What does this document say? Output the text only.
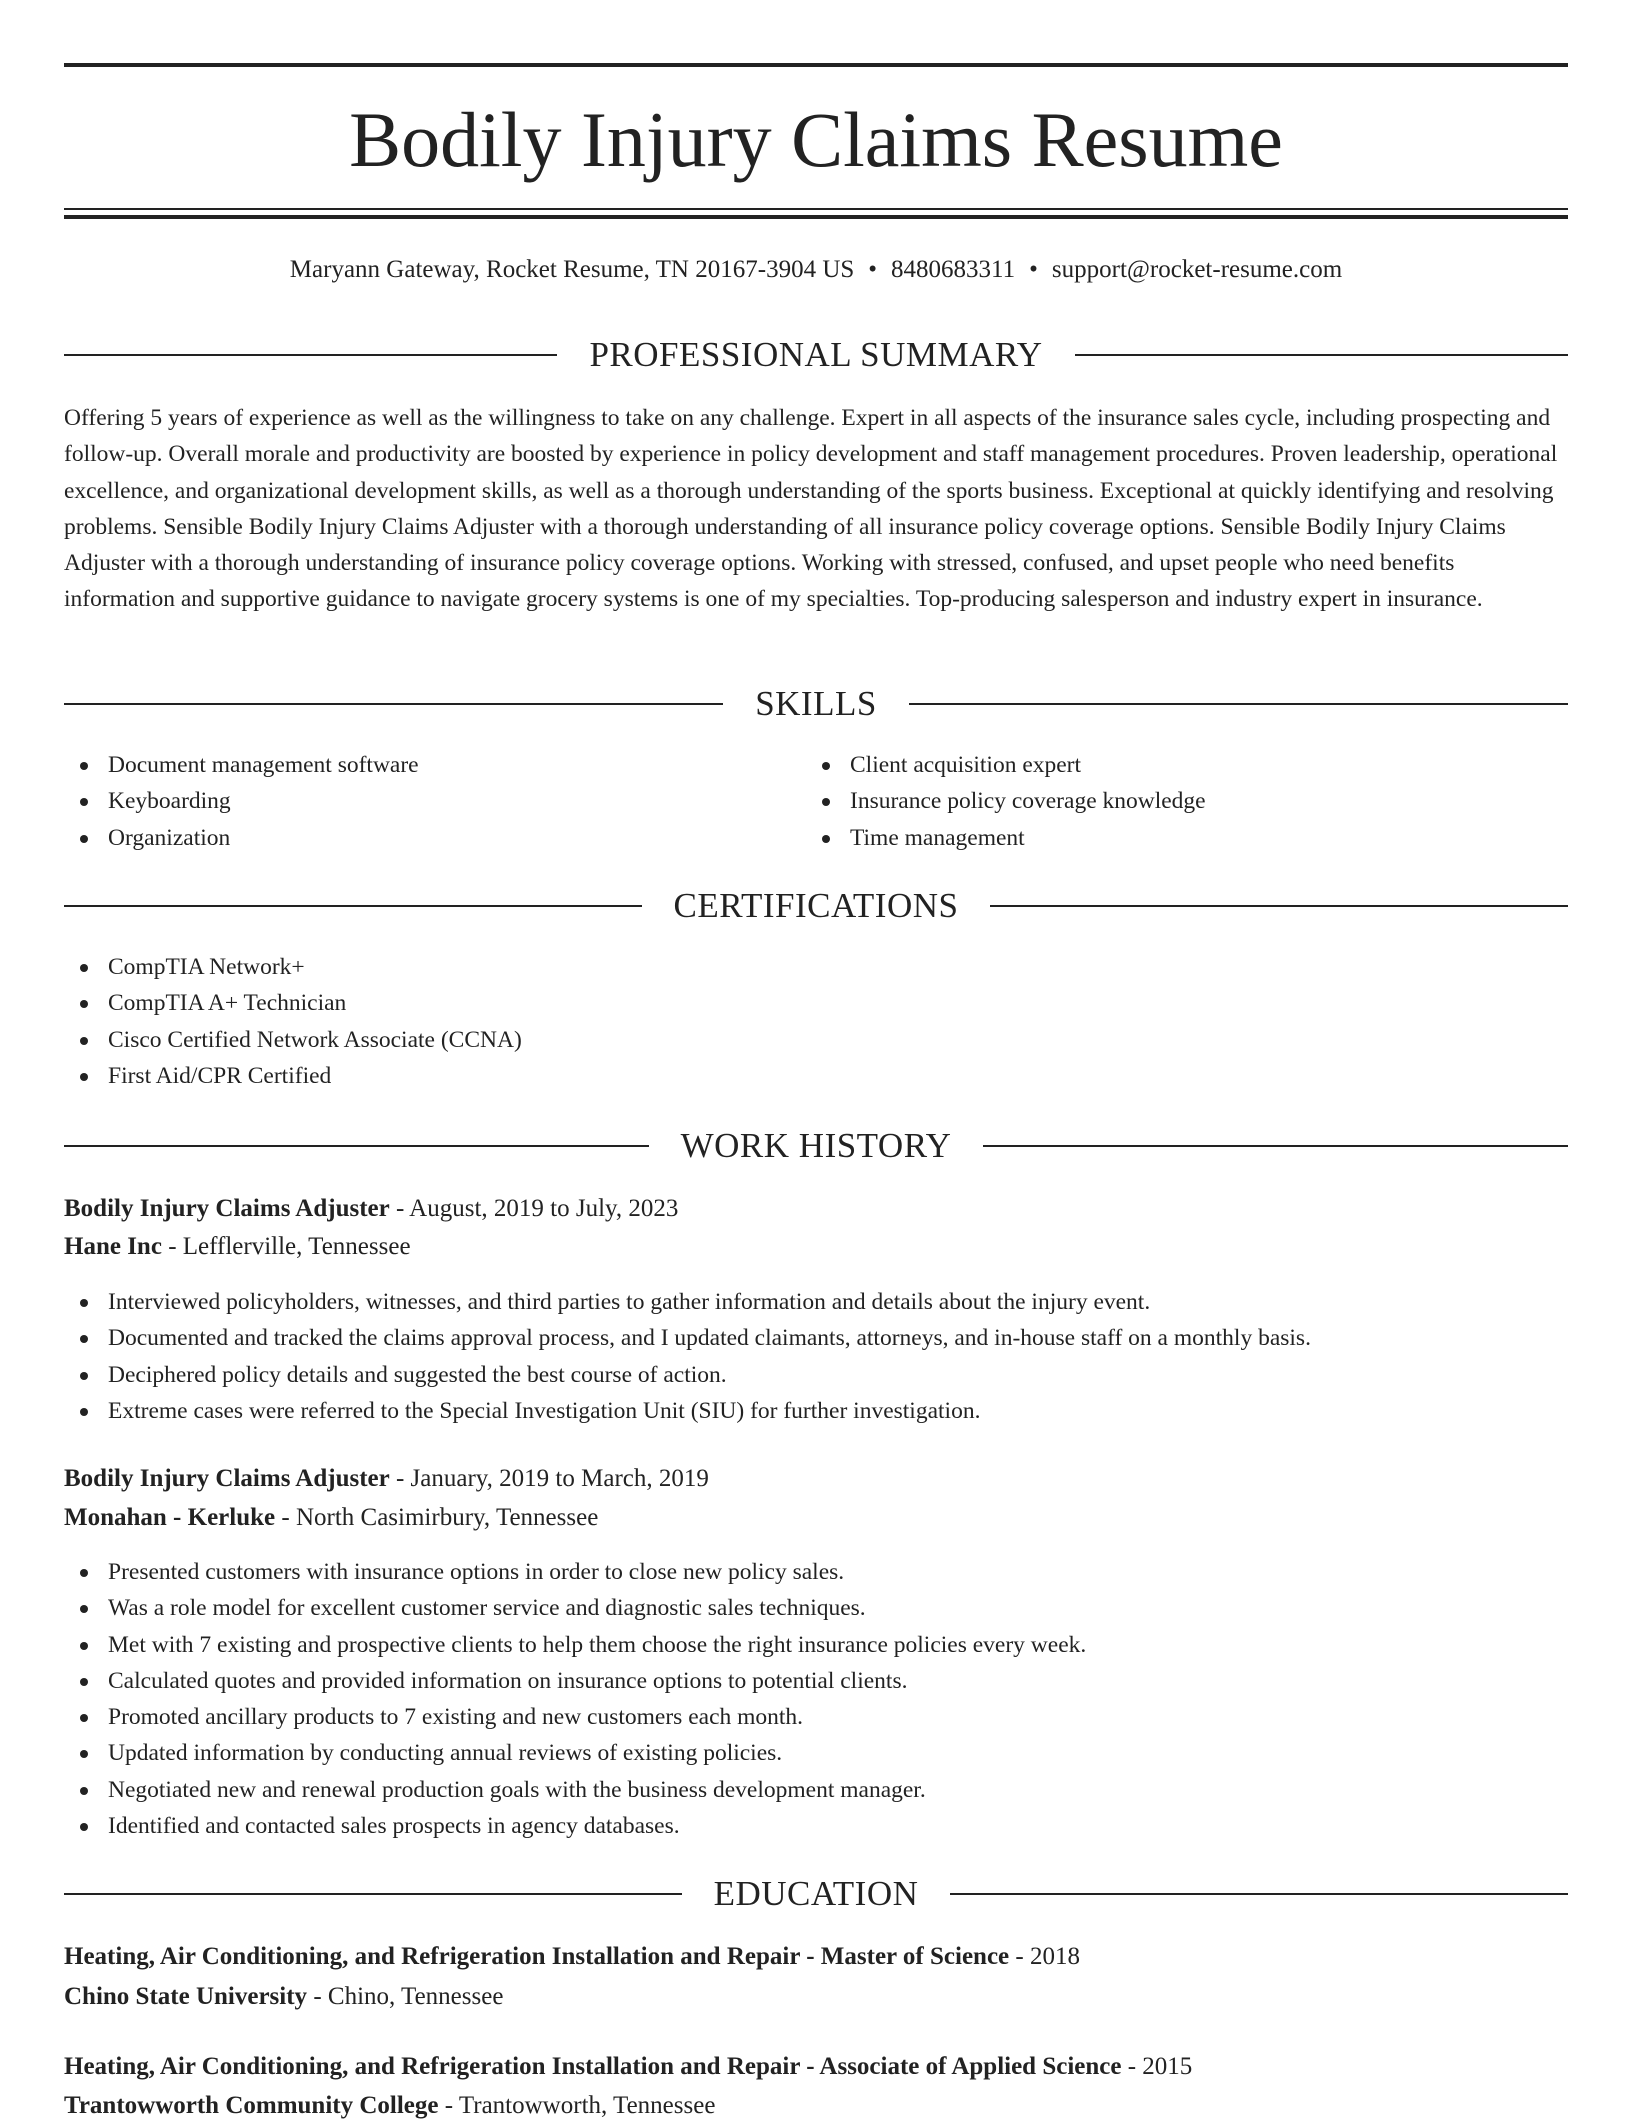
Bodily Injury Claims Resume
Maryann Gateway, Rocket Resume, TN 20167-3904 US • 8480683311 • support@rocket-resume.com
PROFESSIONAL SUMMARY

Offering 5 years of experience as well as the willingness to take on any challenge. Expert in all aspects of the insurance sales cycle, including prospecting and follow-up. Overall morale and productivity are boosted by experience in policy development and staff management procedures. Proven leadership, operational excellence, and organizational development skills, as well as a thorough understanding of the sports business. Exceptional at quickly identifying and resolving problems. Sensible Bodily Injury Claims Adjuster with a thorough understanding of all insurance policy coverage options. Sensible Bodily Injury Claims Adjuster with a thorough understanding of insurance policy coverage options. Working with stressed, confused, and upset people who need benefits information and supportive guidance to navigate grocery systems is one of my specialties. Top-producing salesperson and industry expert in insurance.

SKILLS
Document management software
Keyboarding
Organization
Client acquisition expert
Insurance policy coverage knowledge
Time management
CERTIFICATIONS
CompTIA Network+
CompTIA A+ Technician
Cisco Certified Network Associate (CCNA)
First Aid/CPR Certified
WORK HISTORY
Bodily Injury Claims Adjuster - August, 2019 to July, 2023
Hane Inc - Lefflerville, Tennessee
Interviewed policyholders, witnesses, and third parties to gather information and details about the injury event.
Documented and tracked the claims approval process, and I updated claimants, attorneys, and in-house staff on a monthly basis.
Deciphered policy details and suggested the best course of action.
Extreme cases were referred to the Special Investigation Unit (SIU) for further investigation.
Bodily Injury Claims Adjuster - January, 2019 to March, 2019
Monahan - Kerluke - North Casimirbury, Tennessee
Presented customers with insurance options in order to close new policy sales.
Was a role model for excellent customer service and diagnostic sales techniques.
Met with 7 existing and prospective clients to help them choose the right insurance policies every week.
Calculated quotes and provided information on insurance options to potential clients.
Promoted ancillary products to 7 existing and new customers each month.
Updated information by conducting annual reviews of existing policies.
Negotiated new and renewal production goals with the business development manager.
Identified and contacted sales prospects in agency databases.
EDUCATION
Heating, Air Conditioning, and Refrigeration Installation and Repair - Master of Science - 2018
Chino State University - Chino, Tennessee
Heating, Air Conditioning, and Refrigeration Installation and Repair - Associate of Applied Science - 2015
Trantowworth Community College - Trantowworth, Tennessee
